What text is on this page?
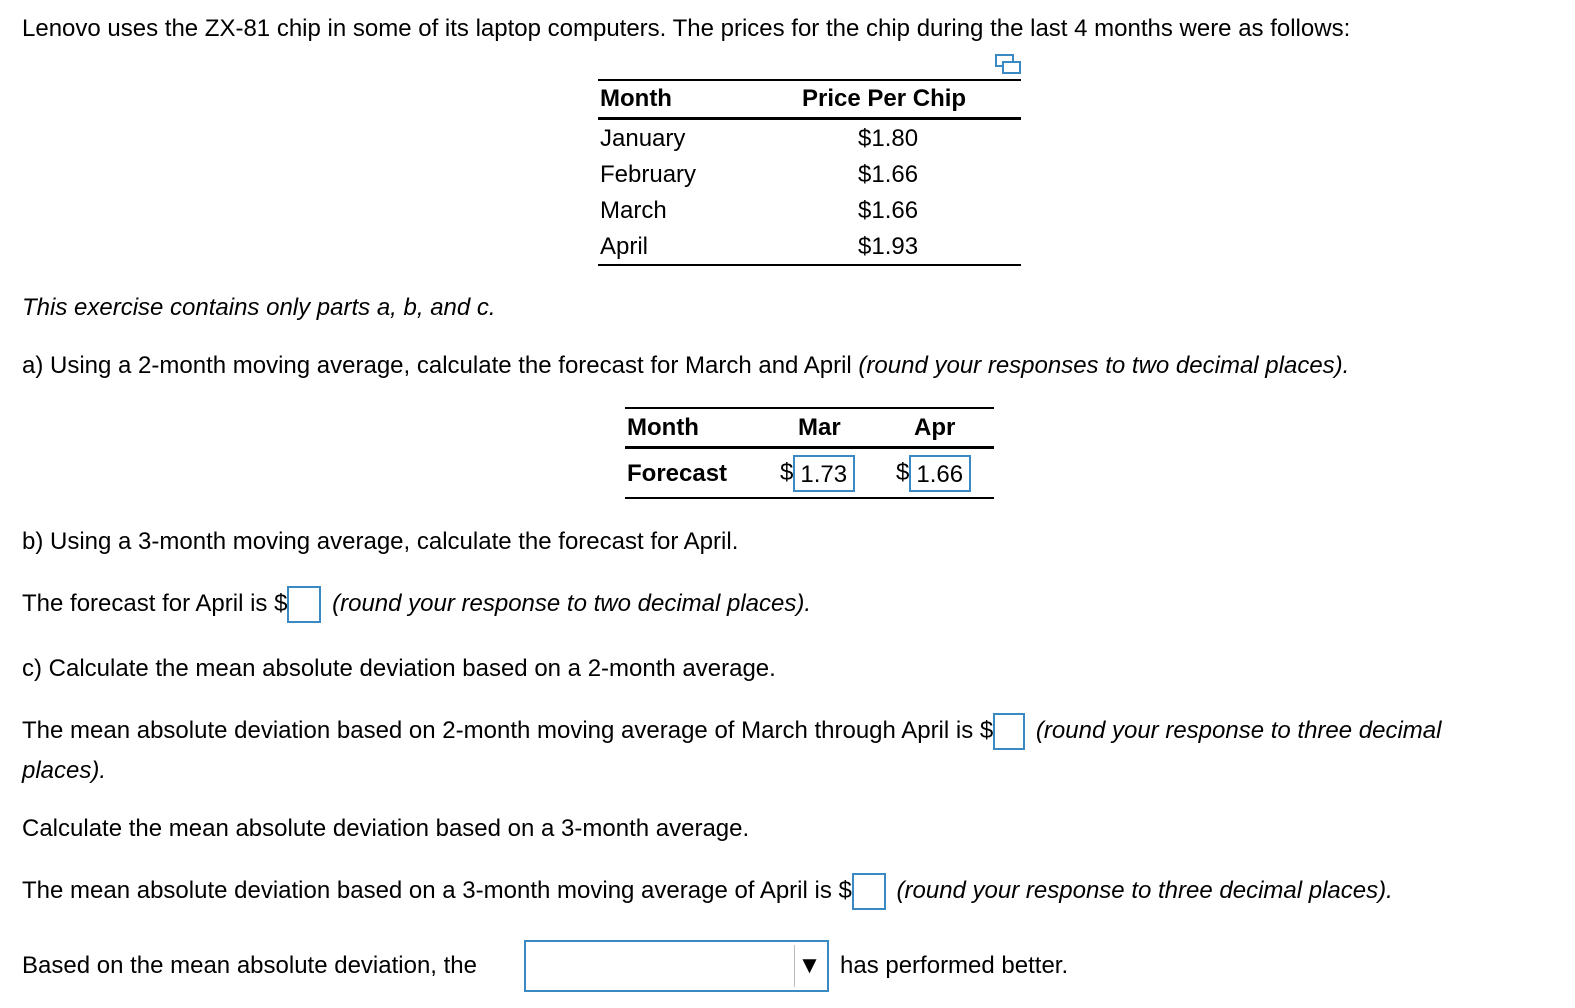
Lenovo uses the ZX-81 chip in some of its laptop computers. The prices for the chip during the last 4 months were as follows:
Month	Price Per Chip
January	$1.80
February	$1.66
March	$1.66
April	$1.93
This exercise contains only parts a, b, and c.
a) Using a 2-month moving average, calculate the forecast for March and April (round your responses to two decimal places).
Month	Mar	Apr
Forecast $ 1.73	$ 1.66
b) Using a 3-month moving average, calculate the forecast for April.
The forecast for April is $ (round your response to two decimal places).
c) Calculate the mean absolute deviation based on a 2-month average.
The mean absolute deviation based on 2-month moving average of March through April is $ (round your response to three decimal
places).
Calculate the mean absolute deviation based on a 3-month average.
The mean absolute deviation based on a 3-month moving average of April is $ (round your response to three decimal places).
Based on the mean absolute deviation, the	▼ has performed better.
